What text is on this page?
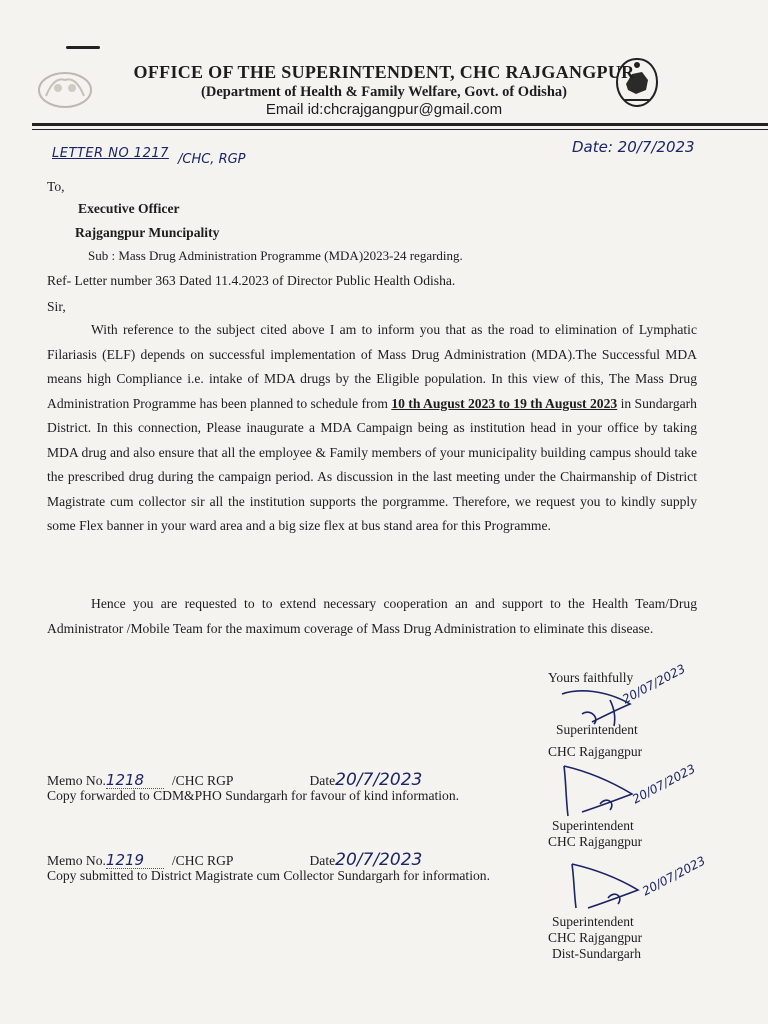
OFFICE OF THE SUPERINTENDENT, CHC RAJGANGPUR
(Department of Health & Family Welfare, Govt. of Odisha)
Email id:chcrajgangpur@gmail.com
LETTER NO 1217 /CHC, RGP
Date: 20/7/2023
To,
Executive Officer
Rajgangpur Muncipality
Sub : Mass Drug Administration Programme (MDA)2023-24 regarding.
Ref- Letter number 363 Dated 11.4.2023 of Director Public Health Odisha.
Sir,
With reference to the subject cited above I am to inform you that as the road to elimination of Lymphatic Filariasis (ELF) depends on successful implementation of Mass Drug Administration (MDA).The Successful MDA means high Compliance i.e. intake of MDA drugs by the Eligible population. In this view of this, The Mass Drug Administration Programme has been planned to schedule from 10 th August 2023 to 19 th August 2023 in Sundargarh District. In this connection, Please inaugurate a MDA Campaign being as institution head in your office by taking MDA drug and also ensure that all the employee & Family members of your municipality building campus should take the prescribed drug during the campaign period. As discussion in the last meeting under the Chairmanship of District Magistrate cum collector sir all the institution supports the porgramme. Therefore, we request you to kindly supply some Flex banner in your ward area and a big size flex at bus stand area for this Programme.
Hence you are requested to to extend necessary cooperation an and support to the Health Team/Drug Administrator /Mobile Team for the maximum coverage of Mass Drug Administration to eliminate this disease.
Yours faithfully
20/07/2023
Superintendent
CHC Rajgangpur
Memo No.1218 /CHC RGP	Date20/7/2023
Copy forwarded to CDM&PHO Sundargarh for favour of kind information.	20/07/2023
Superintendent
CHC Rajgangpur
Memo No.1219 /CHC RGP	Date20/7/2023
Copy submitted to District Magistrate cum Collector Sundargarh for information.	20/07/2023
Superintendent
CHC Rajgangpur
Dist-Sundargarh
